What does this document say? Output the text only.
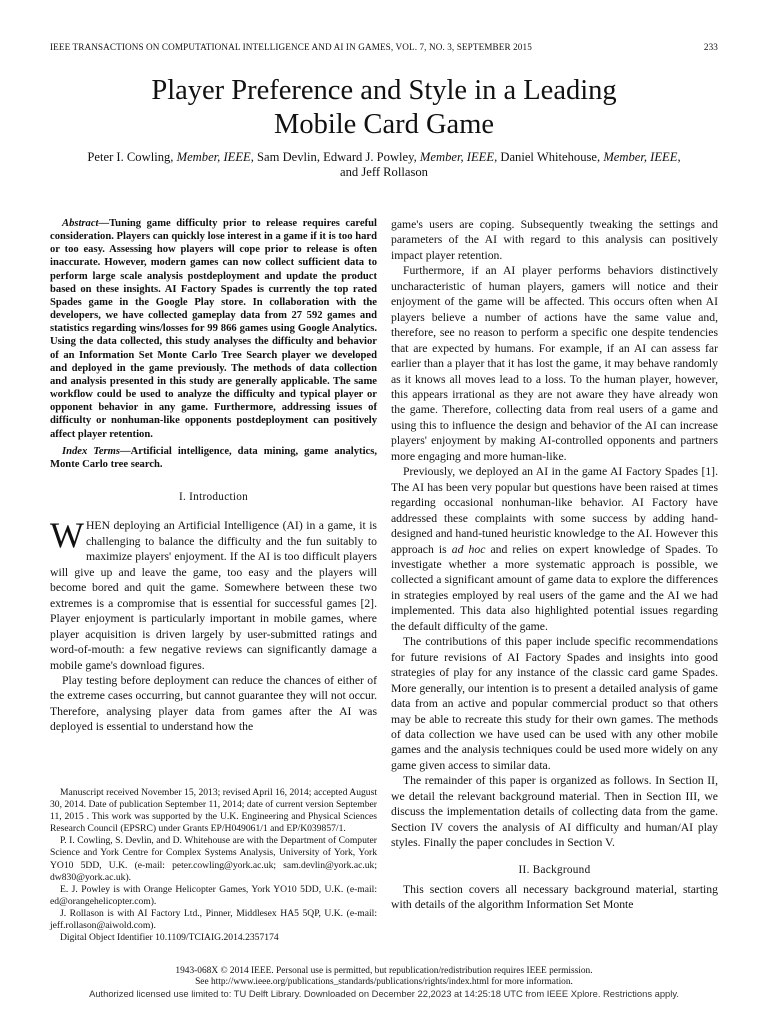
IEEE TRANSACTIONS ON COMPUTATIONAL INTELLIGENCE AND AI IN GAMES, VOL. 7, NO. 3, SEPTEMBER 2015	233
Player Preference and Style in a Leading
Mobile Card Game
Peter I. Cowling, Member, IEEE, Sam Devlin, Edward J. Powley, Member, IEEE, Daniel Whitehouse, Member, IEEE,
and Jeff Rollason

Abstract—Tuning game difficulty prior to release requires careful consideration. Players can quickly lose interest in a game if it is too hard or too easy. Assessing how players will cope prior to release is often inaccurate. However, modern games can now collect sufficient data to perform large scale analysis postdeployment and update the product based on these insights. AI Factory Spades is currently the top rated Spades game in the Google Play store. In collaboration with the developers, we have collected gameplay data from 27 592 games and statistics regarding wins/losses for 99 866 games using Google Analytics. Using the data collected, this study analyses the difficulty and behavior of an Information Set Monte Carlo Tree Search player we developed and deployed in the game previously. The methods of data collection and analysis presented in this study are generally applicable. The same workflow could be used to analyze the difficulty and typical player or opponent behavior in any game. Furthermore, addressing issues of difficulty or nonhuman-like opponents postdeployment can positively affect player retention.

Index Terms—Artificial intelligence, data mining, game analytics, Monte Carlo tree search.

I. Introduction

WHEN deploying an Artificial Intelligence (AI) in a game, it is challenging to balance the difficulty and the fun suitably to maximize players' enjoyment. If the AI is too difficult players will give up and leave the game, too easy and the players will become bored and quit the game. Somewhere between these two extremes is a compromise that is essential for successful games [2]. Player enjoyment is particularly important in mobile games, where player acquisition is driven largely by user-submitted ratings and word-of-mouth: a few negative reviews can significantly damage a mobile game's download figures.

Play testing before deployment can reduce the chances of either of the extreme cases occurring, but cannot guarantee they will not occur. Therefore, analysing player data from games after the AI was deployed is essential to understand how the

Manuscript received November 15, 2013; revised April 16, 2014; accepted August 30, 2014. Date of publication September 11, 2014; date of current version September 11, 2015 . This work was supported by the U.K. Engineering and Physical Sciences Research Council (EPSRC) under Grants EP/H049061/1 and EP/K039857/1.

P. I. Cowling, S. Devlin, and D. Whitehouse are with the Department of Computer Science and York Centre for Complex Systems Analysis, University of York, York YO10 5DD, U.K. (e-mail: peter.cowling@york.ac.uk; sam.devlin@york.ac.uk; dw830@york.ac.uk).

E. J. Powley is with Orange Helicopter Games, York YO10 5DD, U.K. (e-mail: ed@orangehelicopter.com).

J. Rollason is with AI Factory Ltd., Pinner, Middlesex HA5 5QP, U.K. (e-mail: jeff.rollason@aiwold.com).

Digital Object Identifier 10.1109/TCIAIG.2014.2357174

game's users are coping. Subsequently tweaking the settings and parameters of the AI with regard to this analysis can positively impact player retention.

Furthermore, if an AI player performs behaviors distinctively uncharacteristic of human players, gamers will notice and their enjoyment of the game will be affected. This occurs often when AI players believe a number of actions have the same value and, therefore, see no reason to perform a specific one despite tendencies that are expected by humans. For example, if an AI can assess far earlier than a player that it has lost the game, it may behave randomly as it knows all moves lead to a loss. To the human player, however, this appears irrational as they are not aware they have already won the game. Therefore, collecting data from real users of a game and using this to influence the design and behavior of the AI can increase players' enjoyment by making AI-controlled opponents and partners more engaging and more human-like.

Previously, we deployed an AI in the game AI Factory Spades [1]. The AI has been very popular but questions have been raised at times regarding occasional nonhuman-like behavior. AI Factory have addressed these complaints with some success by adding hand-designed and hand-tuned heuristic knowledge to the AI. However this approach is ad hoc and relies on expert knowledge of Spades. To investigate whether a more systematic approach is possible, we collected a significant amount of game data to explore the differences in strategies employed by real users of the game and the AI we had implemented. This data also highlighted potential issues regarding the default difficulty of the game.

The contributions of this paper include specific recommendations for future revisions of AI Factory Spades and insights into good strategies of play for any instance of the classic card game Spades. More generally, our intention is to present a detailed analysis of game data from an active and popular commercial product so that others may be able to recreate this study for their own games. The methods of data collection we have used can be used with any other mobile games and the analysis techniques could be used more widely on any game given access to similar data.

The remainder of this paper is organized as follows. In Section II, we detail the relevant background material. Then in Section III, we discuss the implementation details of collecting data from the game. Section IV covers the analysis of AI difficulty and human/AI play styles. Finally the paper concludes in Section V.

II. Background

This section covers all necessary background material, starting with details of the algorithm Information Set Monte

1943-068X © 2014 IEEE. Personal use is permitted, but republication/redistribution requires IEEE permission.
See http://www.ieee.org/publications_standards/publications/rights/index.html for more information.
Authorized licensed use limited to: TU Delft Library. Downloaded on December 22,2023 at 14:25:18 UTC from IEEE Xplore. Restrictions apply.
